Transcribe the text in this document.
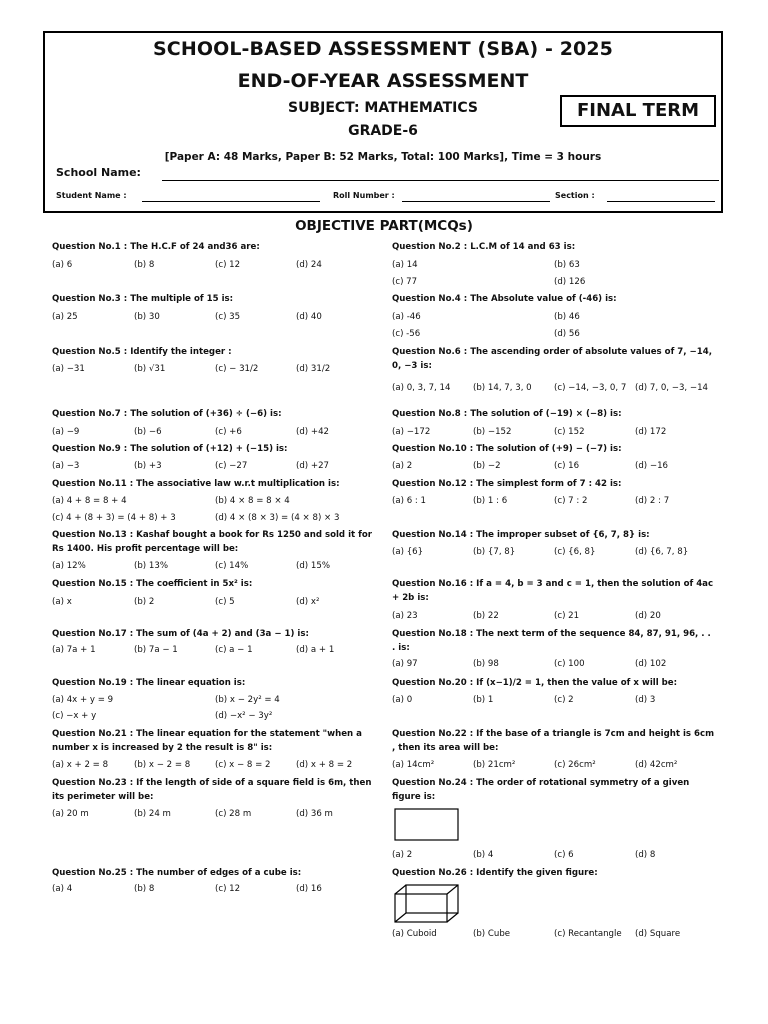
SCHOOL-BASED ASSESSMENT (SBA) - 2025
END-OF-YEAR ASSESSMENT
SUBJECT: MATHEMATICS
GRADE-6
FINAL TERM
[Paper A: 48 Marks, Paper B: 52 Marks, Total: 100 Marks], Time = 3 hours
School Name:
Student Name :	Roll Number :	Section :
OBJECTIVE PART(MCQs)
Question No.1 : The H.C.F of 24 and36 are:
(a) 6	(b) 8	(c) 12	(d) 24
Question No.2 : L.C.M of 14 and 63 is:
(a) 14	(b) 63
(c) 77	(d) 126
Question No.3 : The multiple of 15 is:
(a) 25	(b) 30	(c) 35	(d) 40
Question No.4 : The Absolute value of (-46) is:
(a) -46	(b) 46
(c) -56	(d) 56
Question No.5 : Identify the integer :
(a) −31	(b) √31	(c) − 31/2	(d) 31/2
Question No.6 : The ascending order of absolute values of 7, −14, 0, −3 is:
(a) 0, 3, 7, 14	(b) 14, 7, 3, 0	(c) −14, −3, 0, 7 (d) 7, 0, −3, −14
Question No.7 : The solution of (+36) ÷ (−6) is:
(a) −9	(b) −6	(c) +6	(d) +42
Question No.8 : The solution of (−19) × (−8) is:
(a) −172	(b) −152	(c) 152	(d) 172
Question No.9 : The solution of (+12) + (−15) is:
(a) −3	(b) +3	(c) −27	(d) +27
Question No.10 : The solution of (+9) − (−7) is:
(a) 2	(b) −2	(c) 16	(d) −16
Question No.11 : The associative law w.r.t multiplication is:
(a) 4 + 8 = 8 + 4	(b) 4 × 8 = 8 × 4
(c) 4 + (8 + 3) = (4 + 8) + 3	(d) 4 × (8 × 3) = (4 × 8) × 3
Question No.12 : The simplest form of 7 : 42 is:
(a) 6 : 1	(b) 1 : 6	(c) 7 : 2	(d) 2 : 7
Question No.13 : Kashaf bought a book for Rs 1250 and sold it for Rs 1400. His profit percentage will be:
(a) 12%	(b) 13%	(c) 14%	(d) 15%
Question No.14 : The improper subset of {6, 7, 8} is:
(a) {6}	(b) {7, 8}	(c) {6, 8}	(d) {6, 7, 8}
Question No.15 : The coefficient in 5x² is:
(a) x	(b) 2	(c) 5	(d) x²
Question No.16 : If a = 4, b = 3 and c = 1, then the solution of 4ac + 2b is:
(a) 23	(b) 22	(c) 21	(d) 20
Question No.17 : The sum of (4a + 2) and (3a − 1) is:
(a) 7a + 1	(b) 7a − 1	(c) a − 1	(d) a + 1
Question No.18 : The next term of the sequence 84, 87, 91, 96, . . . is:
(a) 97	(b) 98	(c) 100	(d) 102
Question No.19 : The linear equation is:
(a) 4x + y = 9	(b) x − 2y² = 4
(c) −x + y	(d) −x² − 3y²
Question No.20 : If (x−1)/2 = 1, then the value of x will be:
(a) 0	(b) 1	(c) 2	(d) 3
Question No.21 : The linear equation for the statement "when a number x is increased by 2 the result is 8" is:
(a) x + 2 = 8	(b) x − 2 = 8	(c) x − 8 = 2	(d) x + 8 = 2
Question No.22 : If the base of a triangle is 7cm and height is 6cm , then its area will be:
(a) 14cm²	(b) 21cm²	(c) 26cm²	(d) 42cm²
Question No.23 : If the length of side of a square field is 6m, then its perimeter will be:
(a) 20 m	(b) 24 m	(c) 28 m	(d) 36 m
Question No.24 : The order of rotational symmetry of a given figure is:
(a) 2	(b) 4	(c) 6	(d) 8
Question No.25 : The number of edges of a cube is:
(a) 4	(b) 8	(c) 12	(d) 16
Question No.26 : Identify the given figure:
(a) Cuboid	(b) Cube	(c) Recantangle (d) Square
